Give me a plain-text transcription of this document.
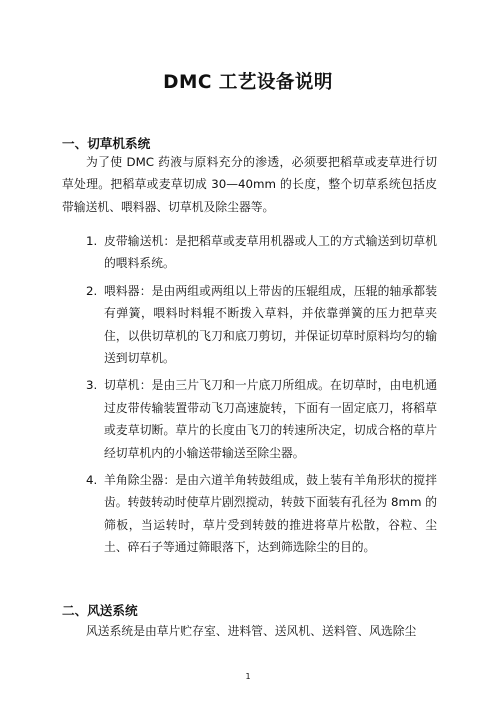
DMC 工艺设备说明
一、切草机系统

为了使 DMC 药液与原料充分的渗透，必须要把稻草或麦草进行切草处理。把稻草或麦草切成 30—40mm 的长度，整个切草系统包括皮带输送机、喂料器、切草机及除尘器等。

1. 皮带输送机：是把稻草或麦草用机器或人工的方式输送到切草机的喂料系统。
2. 喂料器：是由两组或两组以上带齿的压辊组成，压辊的轴承都装有弹簧，喂料时料辊不断拨入草料，并依靠弹簧的压力把草夹住，以供切草机的飞刀和底刀剪切，并保证切草时原料均匀的输送到切草机。
3. 切草机：是由三片飞刀和一片底刀所组成。在切草时，由电机通过皮带传输装置带动飞刀高速旋转，下面有一固定底刀，将稻草或麦草切断。草片的长度由飞刀的转速所决定，切成合格的草片经切草机内的小输送带输送至除尘器。
4. 羊角除尘器：是由六道羊角转鼓组成，鼓上装有羊角形状的搅拌齿。转鼓转动时使草片剧烈搅动，转鼓下面装有孔径为 8mm 的筛板，当运转时，草片受到转鼓的推进将草片松散，谷粒、尘土、碎石子等通过筛眼落下，达到筛选除尘的目的。
二、风送系统

风送系统是由草片贮存室、进料管、送风机、送料管、风选除尘

1
